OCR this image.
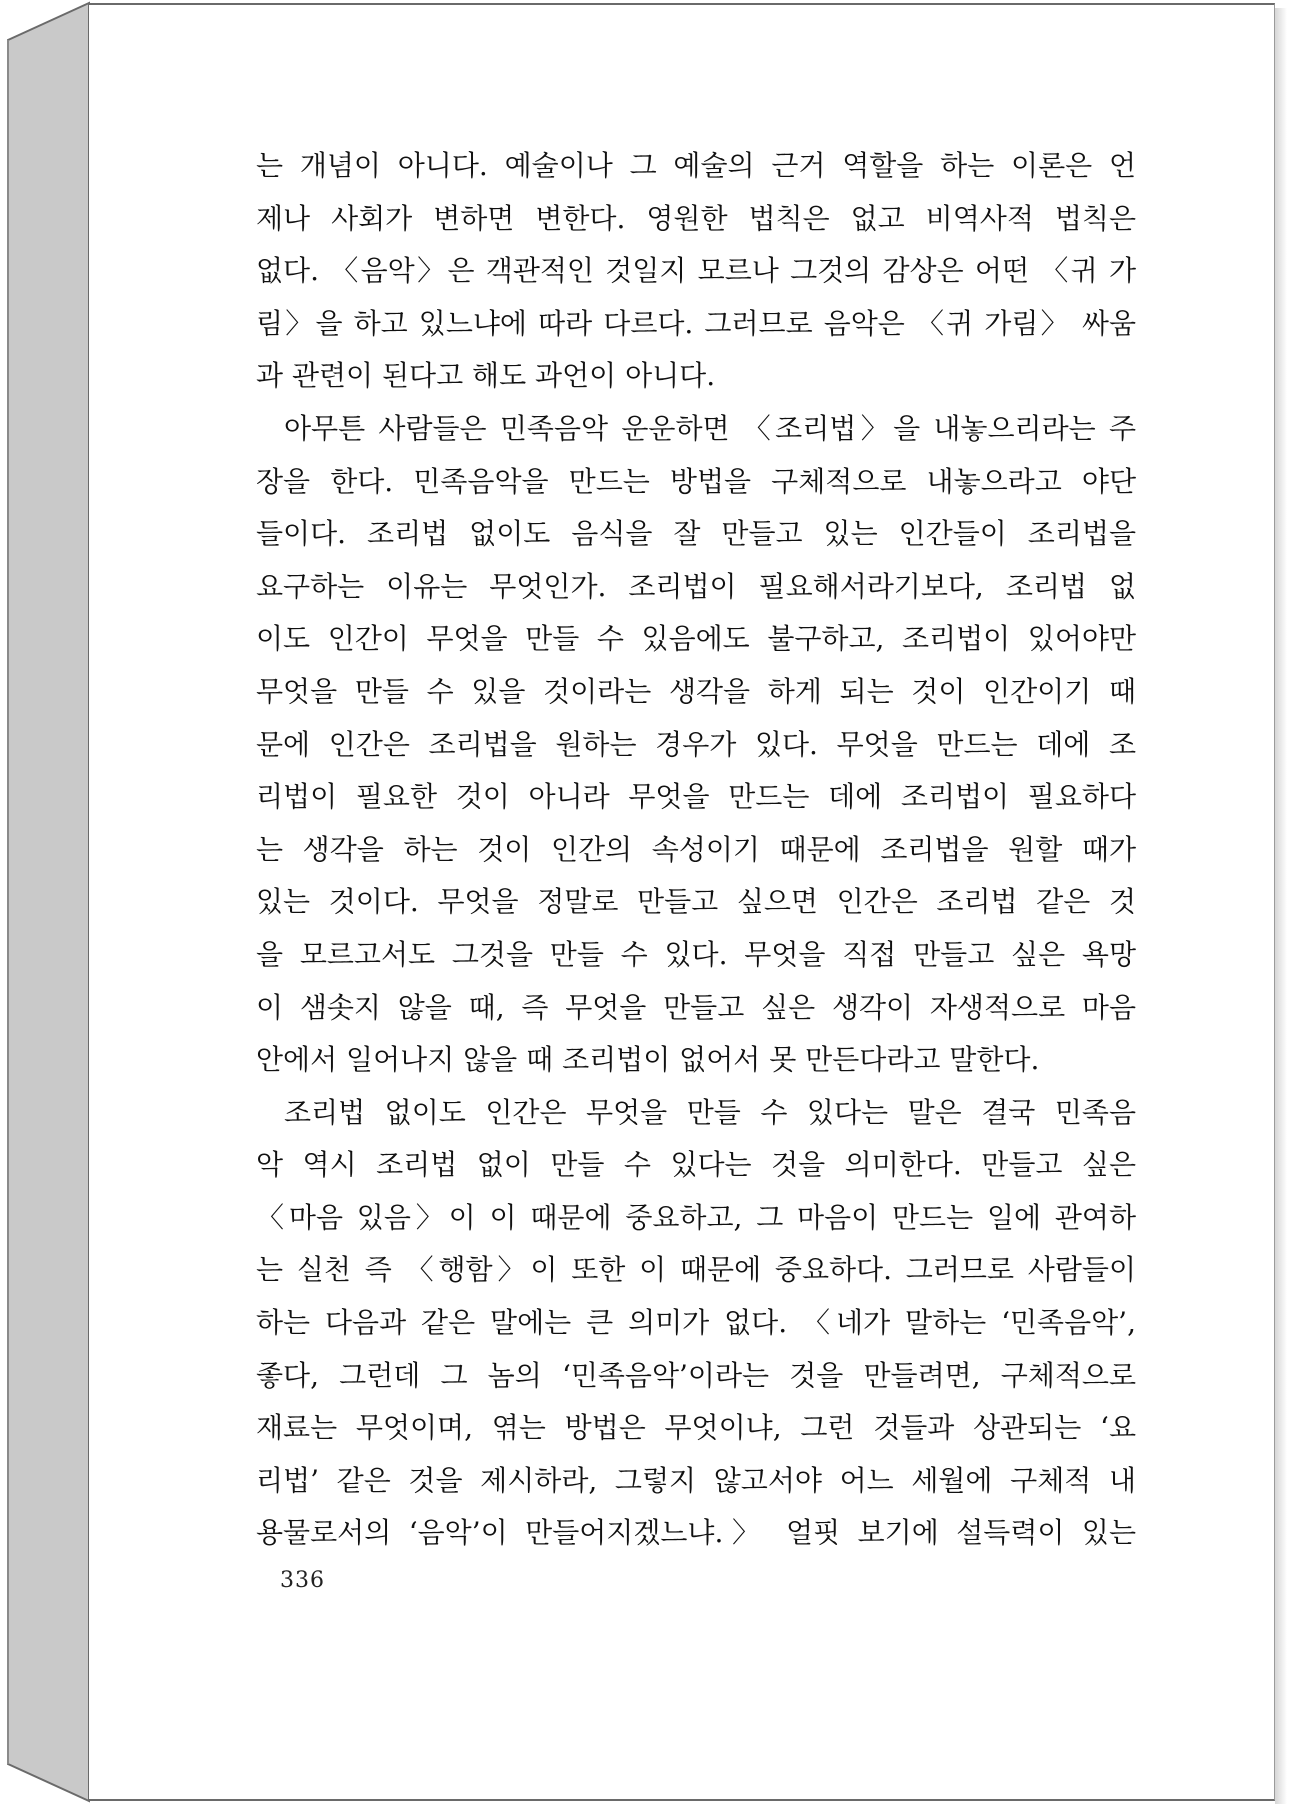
는 개념이 아니다. 예술이나 그 예술의 근거 역할을 하는 이론은 언
제나 사회가 변하면 변한다. 영원한 법칙은 없고 비역사적 법칙은
없다. 〈음악〉은 객관적인 것일지 모르나 그것의 감상은 어떤 〈귀 가
림〉을 하고 있느냐에 따라 다르다. 그러므로 음악은 〈귀 가림〉 싸움
과 관련이 된다고 해도 과언이 아니다.
아무튼 사람들은 민족음악 운운하면 〈조리법〉을 내놓으리라는 주
장을 한다. 민족음악을 만드는 방법을 구체적으로 내놓으라고 야단
들이다. 조리법 없이도 음식을 잘 만들고 있는 인간들이 조리법을
요구하는 이유는 무엇인가. 조리법이 필요해서라기보다, 조리법 없
이도 인간이 무엇을 만들 수 있음에도 불구하고, 조리법이 있어야만
무엇을 만들 수 있을 것이라는 생각을 하게 되는 것이 인간이기 때
문에 인간은 조리법을 원하는 경우가 있다. 무엇을 만드는 데에 조
리법이 필요한 것이 아니라 무엇을 만드는 데에 조리법이 필요하다
는 생각을 하는 것이 인간의 속성이기 때문에 조리법을 원할 때가
있는 것이다. 무엇을 정말로 만들고 싶으면 인간은 조리법 같은 것
을 모르고서도 그것을 만들 수 있다. 무엇을 직접 만들고 싶은 욕망
이 샘솟지 않을 때, 즉 무엇을 만들고 싶은 생각이 자생적으로 마음
안에서 일어나지 않을 때 조리법이 없어서 못 만든다라고 말한다.
조리법 없이도 인간은 무엇을 만들 수 있다는 말은 결국 민족음
악 역시 조리법 없이 만들 수 있다는 것을 의미한다. 만들고 싶은
〈마음 있음〉이 이 때문에 중요하고, 그 마음이 만드는 일에 관여하
는 실천 즉 〈행함〉이 또한 이 때문에 중요하다. 그러므로 사람들이
하는 다음과 같은 말에는 큰 의미가 없다. 〈네가 말하는 ‘민족음악’,
좋다, 그런데 그 놈의 ‘민족음악’이라는 것을 만들려면, 구체적으로
재료는 무엇이며, 엮는 방법은 무엇이냐, 그런 것들과 상관되는 ‘요
리법’ 같은 것을 제시하라, 그렇지 않고서야 어느 세월에 구체적 내
용물로서의 ‘음악’이 만들어지겠느냐.〉 얼핏 보기에 설득력이 있는
336
